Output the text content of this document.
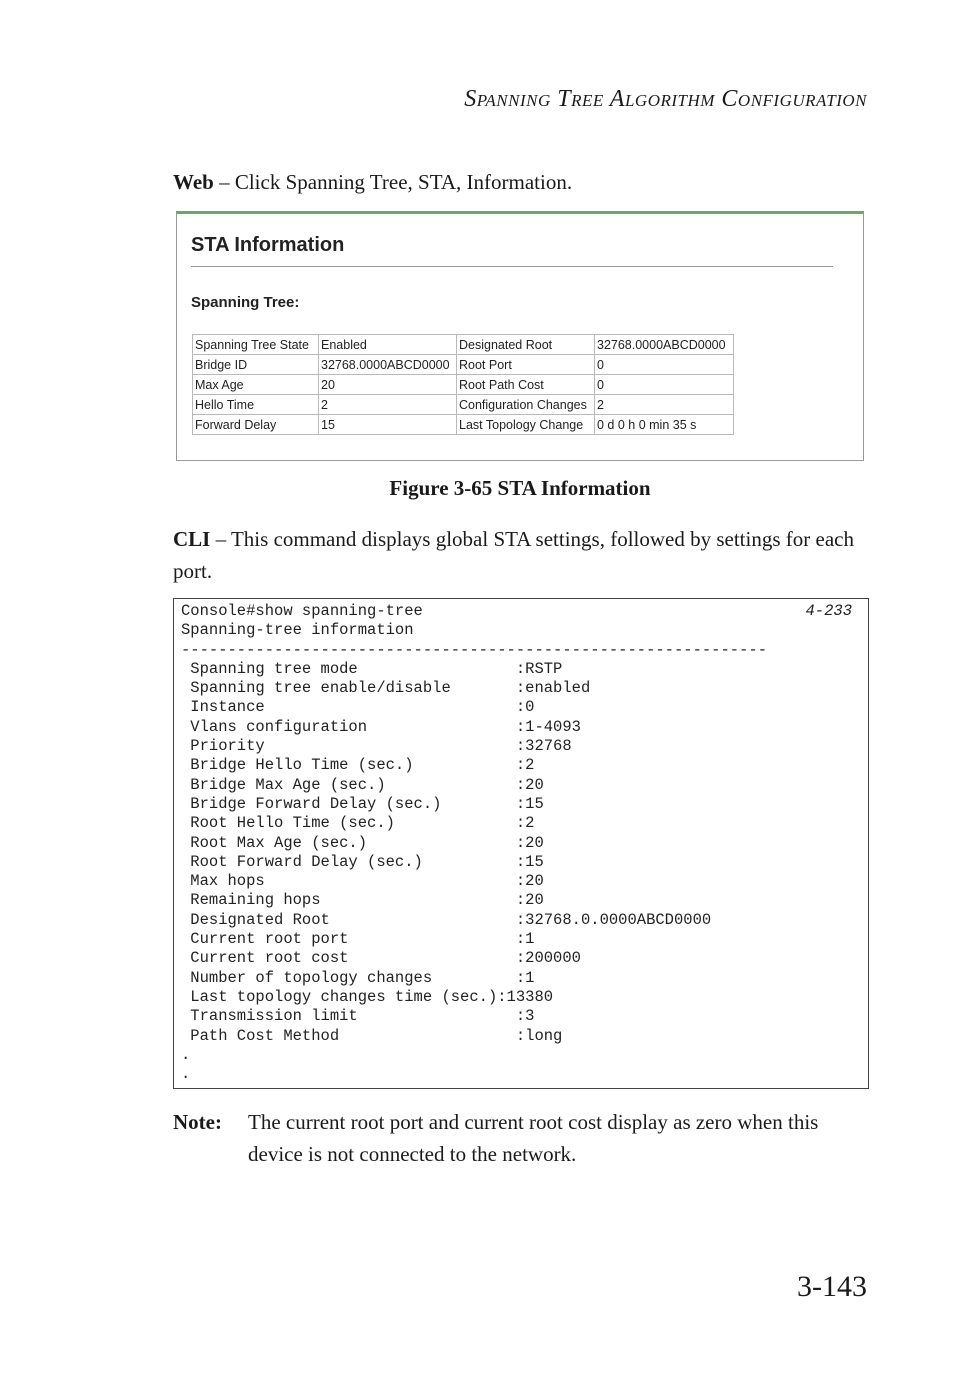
Spanning Tree Algorithm Configuration
Web – Click Spanning Tree, STA, Information.
STA Information
Spanning Tree:
Spanning Tree State	Enabled	Designated Root	32768.0000ABCD0000
Bridge ID	32768.0000ABCD0000	Root Port	0
Max Age	20	Root Path Cost	0
Hello Time	2	Configuration Changes	2
Forward Delay	15	Last Topology Change	0 d 0 h 0 min 35 s
Figure 3-65 STA Information
CLI – This command displays global STA settings, followed by settings for each port.
4-233
Console#show spanning-tree
Spanning-tree information
---------------------------------------------------------------
Spanning tree mode                 :RSTP
Spanning tree enable/disable       :enabled
Instance                           :0
Vlans configuration                :1-4093
Priority                           :32768
Bridge Hello Time (sec.)           :2
Bridge Max Age (sec.)              :20
Bridge Forward Delay (sec.)        :15
Root Hello Time (sec.)             :2
Root Max Age (sec.)                :20
Root Forward Delay (sec.)          :15
Max hops                           :20
Remaining hops                     :20
Designated Root                    :32768.0.0000ABCD0000
Current root port                  :1
Current root cost                  :200000
Number of topology changes         :1
Last topology changes time (sec.):13380
Transmission limit                 :3
Path Cost Method                   :long
.
.
Note: The current root port and current root cost display as zero when this device is not connected to the network.
3-143
